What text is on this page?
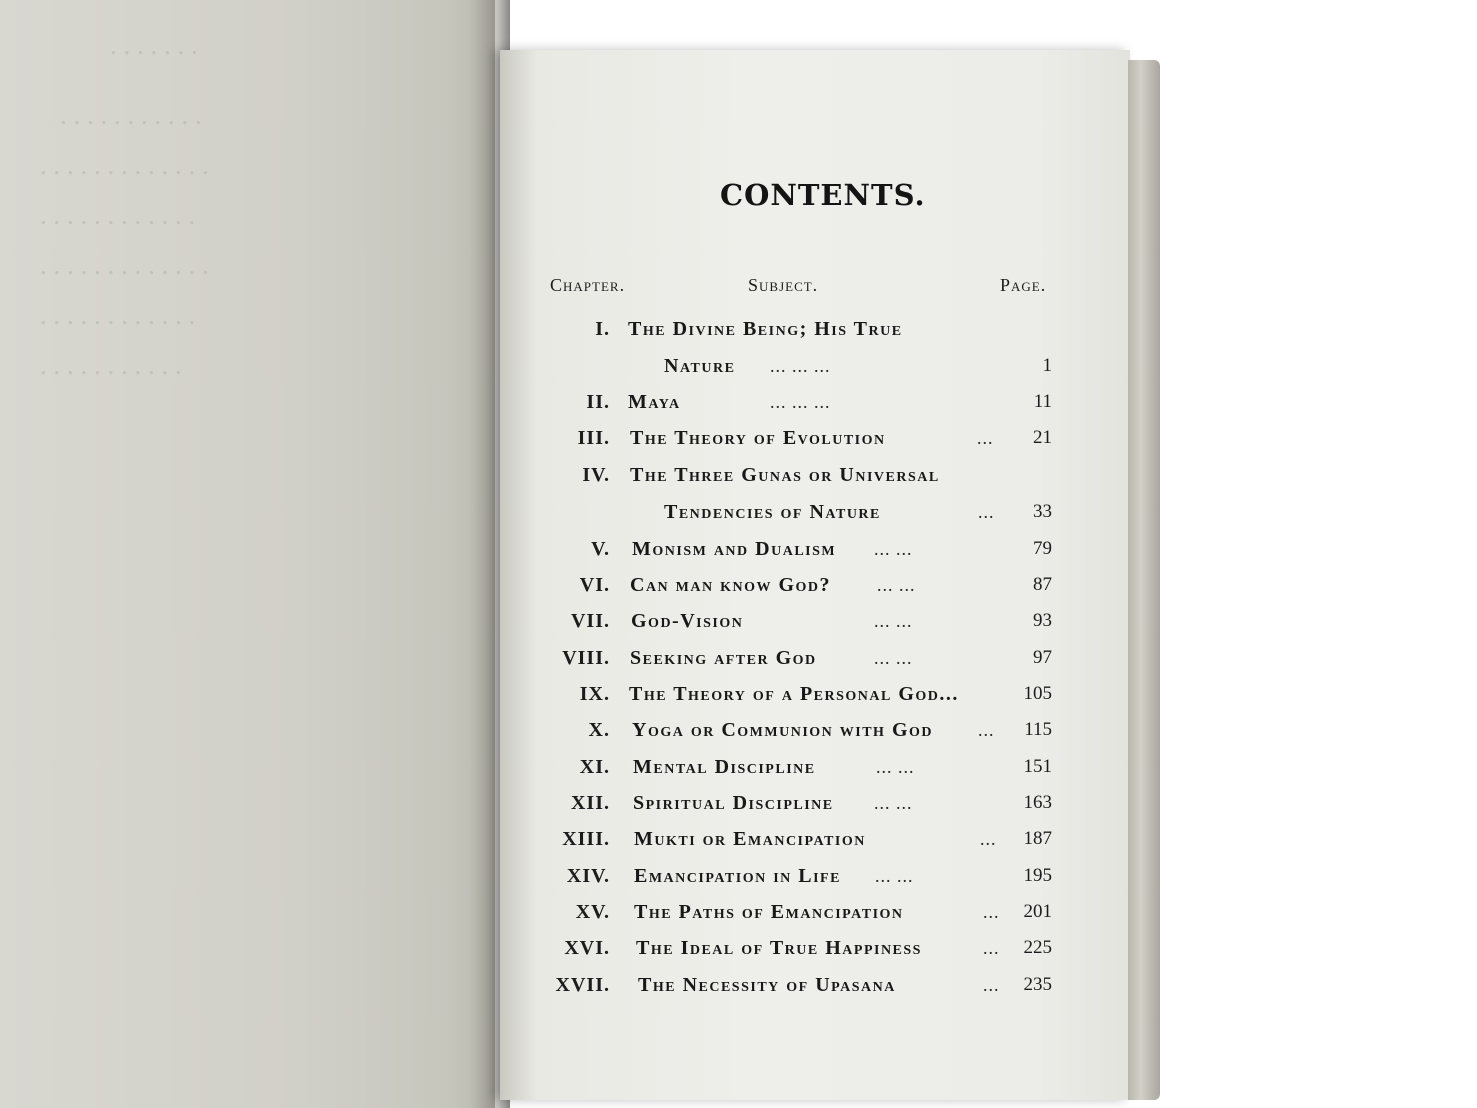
. . . . . . .
. . . . . . . . . . .
. . . . . . . . . . . . .
. . . . . . . . . . . .
. . . . . . . . . . . . .
. . . . . . . . . . . .
. . . . . . . . . . .
CONTENTS.
Chapter.	Subject.	Page.
I. The Divine Being; His True
Nature ... ... ...	1
II. Maya	... ... ...	11
III. The Theory of Evolution	... 21
IV. The Three Gunas or Universal
Tendencies of Nature	... 33
V. Monism and Dualism ... ...	79
VI. Can man know God?	... ...	87
VII. God-Vision	... ...	93
VIII. Seeking after God	... ...	97
IX. The Theory of a Personal God...	105
X. Yoga or Communion with God	... 115
XI. Mental Discipline	... ...	151
XII. Spiritual Discipline ... ...	163
XIII. Mukti or Emancipation	... 187
XIV. Emancipation in Life ... ...	195
XV. The Paths of Emancipation	... 201
XVI. The Ideal of True Happiness	... 225
XVII. The Necessity of Upasana	... 235
